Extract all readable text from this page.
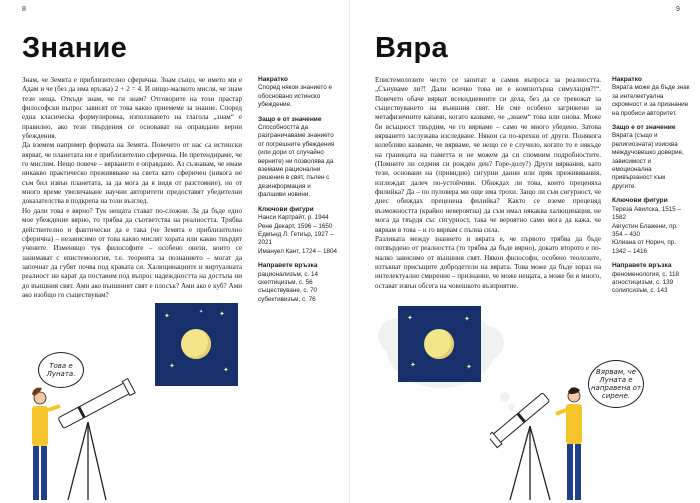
8
Знание

Знам, че Земята е приблизително сферична. Знам също, че името ми е Адам и че (без да има връзка) 2 + 2 = 4. И нищо-малкото мисля, че знам тези неща. Откъде знам, че ги знам? Отговорите на този прастар философски въпрос зависят от това какво приемеме за знание. Според една класическа формулировка, използването на глагола „знам“ е правилно, ако тези твърдения се основават на оправдани верни убеждения.

Да вземем например формата на Земята. Повечето от нас са истински вярват, че планетата ни е приблизително сферична. Не претендираме, че го мислим. Нещо повече – вярването е оправдано. Аз съзнавам, че имам никакво практическо преживяване на света като сферичен (никога не съм бил извън планетата, за да мога да я видя от разстояние), но от много време увеличаване научни авторитети предоставят убедителни доказателства в подкрепа на този възглед.

Но дали това е вярно? Тук нещата стават по-сложни. За да бъде едно мое убеждение вярно, то трябва да съответства на реалността. Трябва действително и фактически да е така (че Земята е приблизително сферична) – независимо от това какво мислят хората или какво твърдят учените. Изменящо тук философите – особено онези, които се занимават с епистемология, т.е. теорията за познанието – могат да започнат да губят почва под краката си. Халюцинациите и виртуалната реалност ни карат да поставим под въпрос надеждността на достъпа ни до външния свят. Ами ако външният свят е плосък? Ами ако е куб? Ами ако изобщо го съществувам?

Накратко
Според някои знанието е обосновано истинско убеждение.
Защо е от значение
Способността да разграничаваме знанието от погрешните убеждения (или дори от случайно верните) ни позволява да вземаме рационални решения в свят, пълен с дезинформация и фалшиви новини.
Ключови фигури
Нанси Картрайт, р. 1944
Рене Декарт, 1596 – 1650
Едмънд Л. Гетиър, 1927 – 2021
Имануел Кант, 1724 – 1804
Направете връзка
рационализъм, с. 14
скептицизъм, с. 56
съществуване, с. 70
субективизъм, с. 76
✦	✦
✦	✦
✦
Това е Луната.
9
Вяра

Епистемолозите често се запитат в самия въпроса за реалността. „Сънуваме ли?! Дали всичко това не е компютърна симулация?!“. Повечето обаче вярват всекидневните си дела, без да се тревожат за съществуването на външния свят. Не сме особено загрижени за метафизичните капани, когато казваме, че „знаем“ това или онова. Може би всъщност твърдим, че го вярваме – само че много убедено. Затова вярването заслужава изследване. Някои са по-крехки от други. Понякога колебливо казваме, че вярваме, че нещо се е случило, когато то е някъде на границата на паметта и не можем да си спомним подробностите. (Помните ли седмия си рожден ден? Горе-долу?) Други вярвания, като тези, основани на (привидно) сигурни данни или пряк преживявания, изглеждат далеч по-устойчиви. Обиждах ли това, които преценяха филийка? Да – по пуловера ми още има трохи. Защо ли съм сигурност, че днес обиждах преценена филийка? Както се вземе преценяд възможността (крайно невероятна) да съм имал някаква халюцинация, не мога да твърдя със сигурност, така че вероятно само мога да кажа, че вярвам в това – и го вярвам с пълна сила.

Разликата между знанието и вярата е, че първото трябва да бъде потвърдено от реалността (то трябва да бъде вярно), докато второто е по-малко зависимо от външния свят. Някои философи, особено теолозите, изтъкват присъщите добродетели на вярата. Това може да бъде израз на интелектуално смирение – признание, че може нещата, а може би и много, остават извън обсега на човешкото възприятие.

Накратко
Вярата може да бъде знак за интелектуална скромност и за признание на пробиси авторитет.
Защо е от значение
Вярата (също и религиозната) изисква междучовешко доверие, зависимост и емоционална привързаност към другите.
Ключови фигури
Тереза Авилска, 1515 – 1582
Августин Блажени, пр. 354 – 430
Юлиана от Норич, пр. 1342 – 1416
Направете връзка
феноменология, с. 118
агностицизъм, с. 139
солипсизъм, с. 143
✦	✦
✦	✦
Вярвам, че Луната е направена от сирене.
